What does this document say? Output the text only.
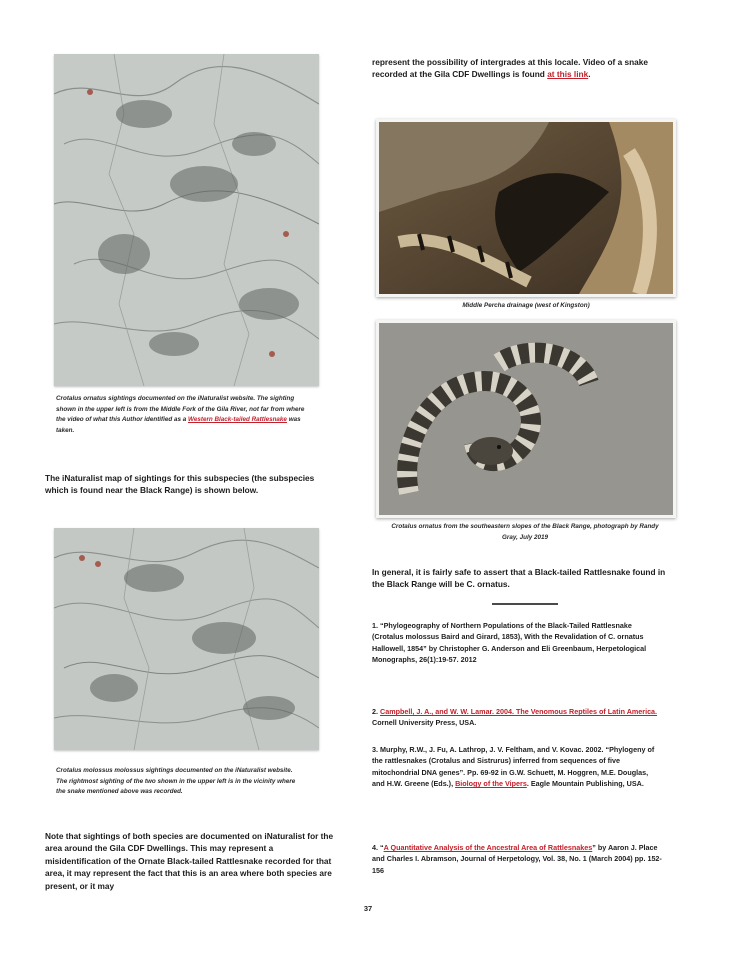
Crotalus ornatus sightings documented on the iNaturalist website. The sighting shown in the upper left is from the Middle Fork of the Gila River, not far from where the video of what this Author identified as a Western Black-tailed Rattlesnake was taken.
The iNaturalist map of sightings for this subspecies (the subspecies which is found near the Black Range) is shown below.
Crotalus molossus molossus sightings documented on the iNaturalist website. The rightmost sighting of the two shown in the upper left is in the vicinity where the snake mentioned above was recorded.
Note that sightings of both species are documented on iNaturalist for the area around the Gila CDF Dwellings. This may represent a misidentification of the Ornate Black-tailed Rattlesnake recorded for that area, it may represent the fact that this is an area where both species are present, or it may
represent the possibility of intergrades at this locale. Video of a snake recorded at the Gila CDF Dwellings is found at this link.
Middle Percha drainage (west of Kingston)
Crotalus ornatus from the southeastern slopes of the Black Range, photograph by Randy Gray, July 2019
In general, it is fairly safe to assert that a Black-tailed Rattlesnake found in the Black Range will be C. ornatus.
1. “Phylogeography of Northern Populations of the Black-Tailed Rattlesnake (Crotalus molossus Baird and Girard, 1853), With the Revalidation of C. ornatus Hallowell, 1854” by Christopher G. Anderson and Eli Greenbaum, Herpetological Monographs, 26(1):19-57. 2012
2. Campbell, J. A., and W. W. Lamar. 2004. The Venomous Reptiles of Latin America. Cornell University Press, USA.
3. Murphy, R.W., J. Fu, A. Lathrop, J. V. Feltham, and V. Kovac. 2002. “Phylogeny of the rattlesnakes (Crotalus and Sistrurus) inferred from sequences of five mitochondrial DNA genes”. Pp. 69-92 in G.W. Schuett, M. Hoggren, M.E. Douglas, and H.W. Greene (Eds.), Biology of the Vipers. Eagle Mountain Publishing, USA.
4. “A Quantitative Analysis of the Ancestral Area of Rattlesnakes” by Aaron J. Place and Charles I. Abramson, Journal of Herpetology, Vol. 38, No. 1 (March 2004) pp. 152-156
37
